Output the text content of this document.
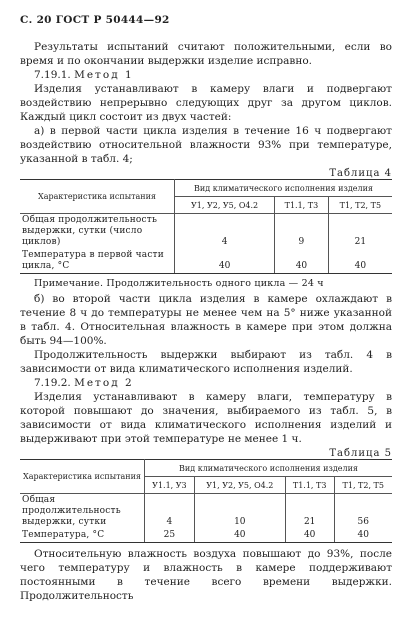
С. 20 ГОСТ Р 50444—92

Результаты испытаний считают положительными, если во время и по окончании выдержки изделие исправно.

7.19.1. Метод 1

Изделия устанавливают в камеру влаги и подвергают воздействию непрерывно следующих друг за другом циклов. Каждый цикл состоит из двух частей:

а) в первой части цикла изделия в течение 16 ч подвергают воздействию относительной влажности 93% при температуре, указанной в табл. 4;

Таблица 4
Характеристика испытания	Вид климатического исполнения изделия		
	У1, У2, У5, О4.2	Т1.1, Т3	Т1, Т2, Т5
Общая продолжительность выдержки, сутки (число циклов)	4	9	21
Температура в первой части цикла, °С	40	40	40
Примечание. Продолжительность одного цикла — 24 ч

б) во второй части цикла изделия в камере охлаждают в течение 8 ч до температуры не менее чем на 5° ниже указанной в табл. 4. Относительная влажность в камере при этом должна быть 94—100%.

Продолжительность выдержки выбирают из табл. 4 в зависимости от вида климатического исполнения изделий.

7.19.2. Метод 2

Изделия устанавливают в камеру влаги, температуру в которой повышают до значения, выбираемого из табл. 5, в зависимости от вида климатического исполнения изделий и выдерживают при этой температуре не менее 1 ч.

Таблица 5
Характеристика испытания	Вид климатического исполнения изделия			
	У1.1, У3	У1, У2, У5, О4.2	Т1.1, Т3	Т1, Т2, Т5
Общая продолжительность выдержки, сутки	4	10	21	56
Температура, °С	25	40	40	40

Относительную влажность воздуха повышают до 93%, после чего температуру и влажность в камере поддерживают постоянными в течение всего времени выдержки. Продолжительность
